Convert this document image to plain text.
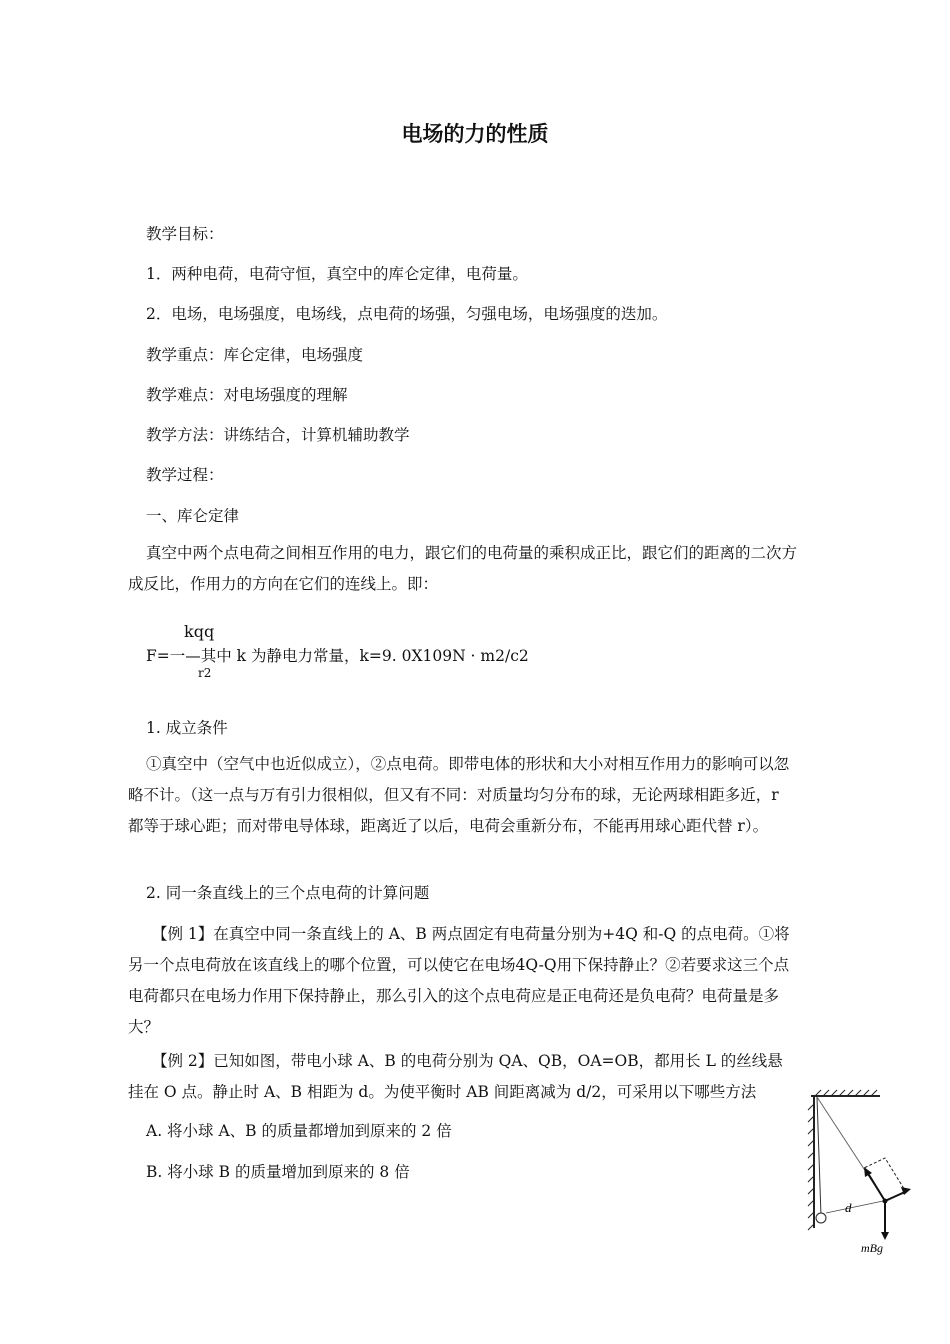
电场的力的性质
教学目标：
1．两种电荷，电荷守恒，真空中的库仑定律，电荷量。
2．电场，电场强度，电场线，点电荷的场强，匀强电场，电场强度的迭加。
教学重点：库仑定律，电场强度
教学难点：对电场强度的理解
教学方法：讲练结合，计算机辅助教学
教学过程：
一、库仑定律
真空中两个点电荷之间相互作用的电力，跟它们的电荷量的乘积成正比，跟它们的距离的二次方成反比，作用力的方向在它们的连线上。即：
kqq
F=一—其中 k 为静电力常量，k=9. 0X109N · m2/c2
r2
1. 成立条件
①真空中（空气中也近似成立），②点电荷。即带电体的形状和大小对相互作用力的影响可以忽略不计。（这一点与万有引力很相似，但又有不同：对质量均匀分布的球，无论两球相距多近，r 都等于球心距；而对带电导体球，距离近了以后，电荷会重新分布，不能再用球心距代替 r）。
2. 同一条直线上的三个点电荷的计算问题
【例 1】在真空中同一条直线上的 A、B 两点固定有电荷量分别为+4Q 和-Q 的点电荷。①将另一个点电荷放在该直线上的哪个位置，可以使它在电场4Q-Q用下保持静止？②若要求这三个点电荷都只在电场力作用下保持静止，那么引入的这个点电荷应是正电荷还是负电荷？电荷量是多大？
【例 2】已知如图，带电小球 A、B 的电荷分别为 QA、QB，OA=OB，都用长 L 的丝线悬挂在 O 点。静止时 A、B 相距为 d。为使平衡时 AB 间距离减为 d/2，可采用以下哪些方法
A. 将小球 A、B 的质量都增加到原来的 2 倍
B. 将小球 B 的质量增加到原来的 8 倍
d
mBg
